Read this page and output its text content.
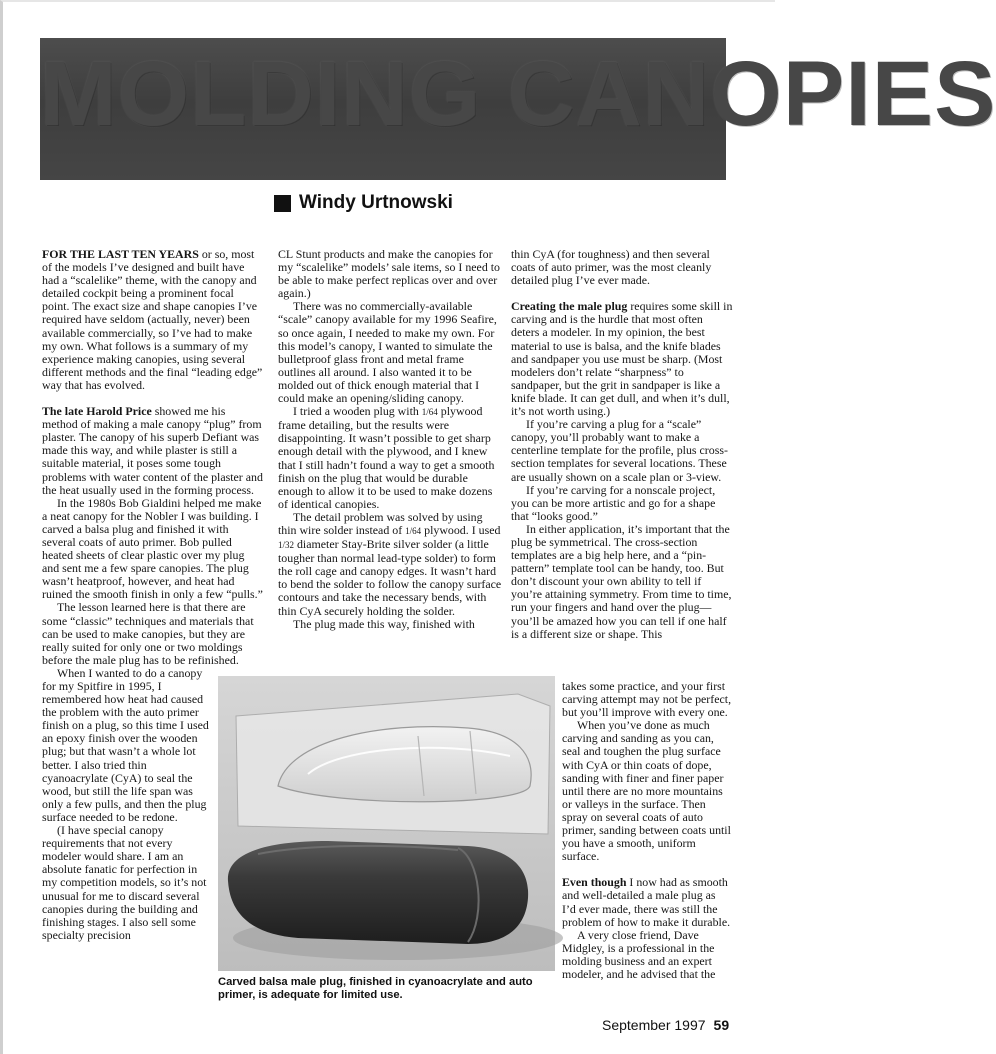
MOLDING CANOPIES
Windy Urtnowski

FOR THE LAST TEN YEARS or so, most of the models I’ve designed and built have had a “scalelike” theme, with the canopy and detailed cockpit being a prominent focal point. The exact size and shape canopies I’ve required have seldom (actually, never) been available commercially, so I’ve had to make my own. What follows is a summary of my experience making canopies, using several different methods and the final “leading edge” way that has evolved.

The late Harold Price showed me his method of making a male canopy “plug” from plaster. The canopy of his superb Defiant was made this way, and while plaster is still a suitable material, it poses some tough problems with water content of the plaster and the heat usually used in the forming process.

In the 1980s Bob Gialdini helped me make a neat canopy for the Nobler I was building. I carved a balsa plug and finished it with several coats of auto primer. Bob pulled heated sheets of clear plastic over my plug and sent me a few spare canopies. The plug wasn’t heatproof, however, and heat had ruined the smooth finish in only a few “pulls.”

The lesson learned here is that there are some “classic” techniques and materials that can be used to make canopies, but they are really suited for only one or two moldings before the male plug has to be refinished.

When I wanted to do a canopy for my Spitfire in 1995, I remembered how heat had caused the problem with the auto primer finish on a plug, so this time I used an epoxy finish over the wooden plug; but that wasn’t a whole lot better. I also tried thin cyanoacrylate (CyA) to seal the wood, but still the life span was only a few pulls, and then the plug surface needed to be redone.

(I have special canopy requirements that not every modeler would share. I am an absolute fanatic for perfection in my competition models, so it’s not unusual for me to discard several canopies during the building and finishing stages. I also sell some specialty precision

CL Stunt products and make the canopies for my “scalelike” models’ sale items, so I need to be able to make perfect replicas over and over again.)

There was no commercially-available “scale” canopy available for my 1996 Seafire, so once again, I needed to make my own. For this model’s canopy, I wanted to simulate the bulletproof glass front and metal frame outlines all around. I also wanted it to be molded out of thick enough material that I could make an opening/sliding canopy.

I tried a wooden plug with 1/64 plywood frame detailing, but the results were disappointing. It wasn’t possible to get sharp enough detail with the plywood, and I knew that I still hadn’t found a way to get a smooth finish on the plug that would be durable enough to allow it to be used to make dozens of identical canopies.

The detail problem was solved by using thin wire solder instead of 1/64 plywood. I used 1/32 diameter Stay-Brite silver solder (a little tougher than normal lead-type solder) to form the roll cage and canopy edges. It wasn’t hard to bend the solder to follow the canopy surface contours and take the necessary bends, with thin CyA securely holding the solder.

The plug made this way, finished with

thin CyA (for toughness) and then several coats of auto primer, was the most cleanly detailed plug I’ve ever made.

Creating the male plug requires some skill in carving and is the hurdle that most often deters a modeler. In my opinion, the best material to use is balsa, and the knife blades and sandpaper you use must be sharp. (Most modelers don’t relate “sharpness” to sandpaper, but the grit in sandpaper is like a knife blade. It can get dull, and when it’s dull, it’s not worth using.)

If you’re carving a plug for a “scale” canopy, you’ll probably want to make a centerline template for the profile, plus cross-section templates for several locations. These are usually shown on a scale plan or 3-view.

If you’re carving for a nonscale project, you can be more artistic and go for a shape that “looks good.”

In either application, it’s important that the plug be symmetrical. The cross-section templates are a big help here, and a “pin-pattern” template tool can be handy, too. But don’t discount your own ability to tell if you’re attaining symmetry. From time to time, run your fingers and hand over the plug—you’ll be amazed how you can tell if one half is a different size or shape. This

takes some practice, and your first carving attempt may not be perfect, but you’ll improve with every one.

When you’ve done as much carving and sanding as you can, seal and toughen the plug surface with CyA or thin coats of dope, sanding with finer and finer paper until there are no more mountains or valleys in the surface. Then spray on several coats of auto primer, sanding between coats until you have a smooth, uniform surface.

Even though I now had as smooth and well-detailed a male plug as I’d ever made, there was still the problem of how to make it durable.

A very close friend, Dave Midgley, is a professional in the molding business and an expert modeler, and he advised that the

Carved balsa male plug, finished in cyanoacrylate and auto primer, is adequate for limited use.
September 1997 59
